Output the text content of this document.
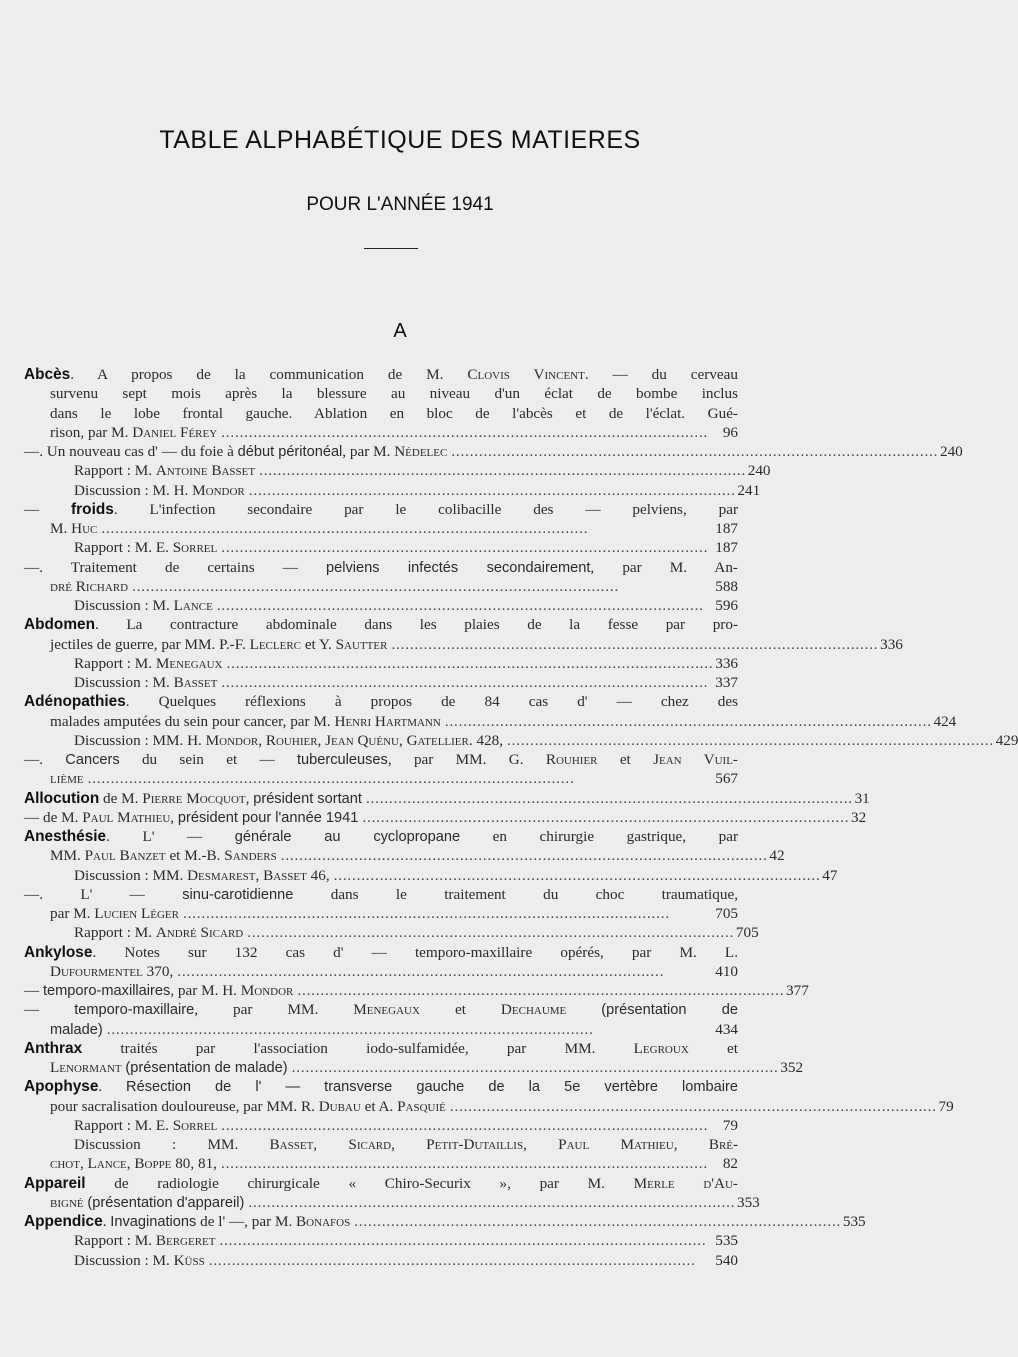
TABLE ALPHABÉTIQUE DES MATIERES
POUR L'ANNÉE 1941
A
Abcès. A propos de la communication de M. Clovis Vincent. — du cerveau
survenu sept mois après la blessure au niveau d'un éclat de bombe inclus
dans le lobe frontal gauche. Ablation en bloc de l'abcès et de l'éclat. Gué-
rison, par M. Daniel Férey . . .	96
—. Un nouveau cas d' — du foie à début péritonéal, par M. Nédelec . . .	240
Rapport : M. Antoine Basset . . .	240
Discussion : M. H. Mondor . . .	241
— froids. L'infection secondaire par le colibacille des — pelviens, par
M. Huc . . .	187
Rapport : M. E. Sorrel . . .	187
—. Traitement de certains — pelviens infectés secondairement, par M. An-
dré Richard . . .	588
Discussion : M. Lance . . .	596
Abdomen. La contracture abdominale dans les plaies de la fesse par pro-
jectiles de guerre, par MM. P.-F. Leclerc et Y. Sautter . . .	336
Rapport : M. Menegaux . . .	336
Discussion : M. Basset . . .	337
Adénopathies. Quelques réflexions à propos de 84 cas d' — chez des
malades amputées du sein pour cancer, par M. Henri Hartmann . . .	424
Discussion : MM. H. Mondor, Rouhier, Jean Quénu, Gatellier. 428, . . .	429
—. Cancers du sein et — tuberculeuses, par MM. G. Rouhier et Jean Vuil-
lième . . .	567
Allocution de M. Pierre Mocquot, président sortant . . .	31
— de M. Paul Mathieu, président pour l'année 1941 . . .	32
Anesthésie. L' — générale au cyclopropane en chirurgie gastrique, par
MM. Paul Banzet et M.-B. Sanders . . .	42
Discussion : MM. Desmarest, Basset 46, . . .	47
—. L' — sinu-carotidienne dans le traitement du choc traumatique,
par M. Lucien Léger . . .	705
Rapport : M. André Sicard . . .	705
Ankylose. Notes sur 132 cas d' — temporo-maxillaire opérés, par M. L.
Dufourmentel 370, . . .	410
— temporo-maxillaires, par M. H. Mondor . . .	377
— temporo-maxillaire, par MM. Menegaux et Dechaume (présentation de
malade) . . .	434
Anthrax traités par l'association iodo-sulfamidée, par MM. Legroux et
Lenormant (présentation de malade) . . .	352
Apophyse. Résection de l' — transverse gauche de la 5e vertèbre lombaire
pour sacralisation douloureuse, par MM. R. Dubau et A. Pasquié . . .	79
Rapport : M. E. Sorrel . . .	79
Discussion : MM. Basset, Sicard, Petit-Dutaillis, Paul Mathieu, Bré-
chot, Lance, Boppe 80, 81, . . .	82
Appareil de radiologie chirurgicale « Chiro-Securix », par M. Merle d'Au-
bigné (présentation d'appareil) . . .	353
Appendice. Invaginations de l' —, par M. Bonafos . . .	535
Rapport : M. Bergeret . . .	535
Discussion : M. Küss . . .	540
